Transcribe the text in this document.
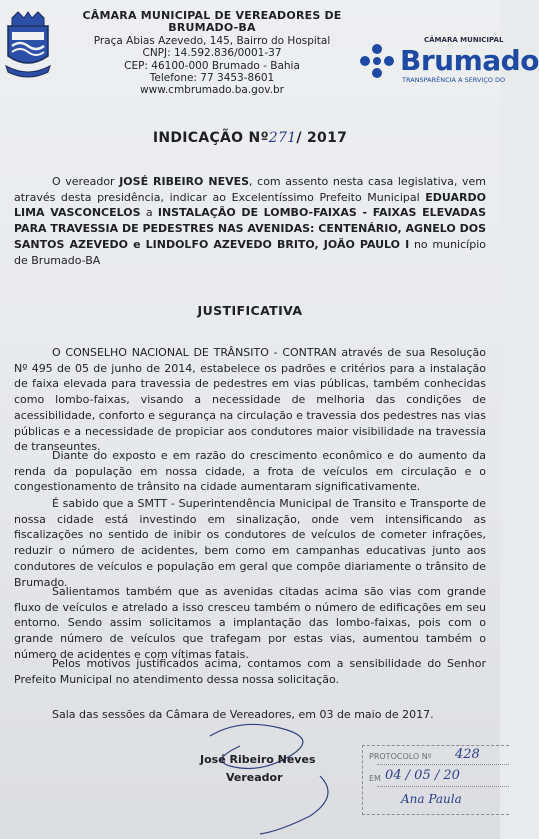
CÂMARA MUNICIPAL DE VEREADORES DE BRUMADO-BA
Praça Abias Azevedo, 145, Bairro do Hospital
CNPJ: 14.592.836/0001-37
CEP: 46100-000 Brumado - Bahia
Telefone: 77 3453-8601
www.cmbrumado.ba.gov.br
CÂMARA MUNICIPAL
Brumado
TRANSPARÊNCIA A SERVIÇO DO
INDICAÇÃO Nº271/ 2017
O vereador JOSÉ RIBEIRO NEVES, com assento nesta casa legislativa, vem através desta presidência, indicar ao Excelentíssimo Prefeito Municipal EDUARDO LIMA VASCONCELOS a INSTALAÇÃO DE LOMBO-FAIXAS - FAIXAS ELEVADAS PARA TRAVESSIA DE PEDESTRES NAS AVENIDAS: CENTENÁRIO, AGNELO DOS SANTOS AZEVEDO e LINDOLFO AZEVEDO BRITO, JOÃO PAULO I no município de Brumado-BA
JUSTIFICATIVA
O CONSELHO NACIONAL DE TRÂNSITO - CONTRAN através de sua Resolução Nº 495 de 05 de junho de 2014, estabelece os padrões e critérios para a instalação de faixa elevada para travessia de pedestres em vias públicas, também conhecidas como lombo-faixas, visando a necessidade de melhoria das condições de acessibilidade, conforto e segurança na circulação e travessia dos pedestres nas vias públicas e a necessidade de propiciar aos condutores maior visibilidade na travessia de transeuntes.
Diante do exposto e em razão do crescimento econômico e do aumento da renda da população em nossa cidade, a frota de veículos em circulação e o congestionamento de trânsito na cidade aumentaram significativamente.
É sabido que a SMTT - Superintendência Municipal de Transito e Transporte de nossa cidade está investindo em sinalização, onde vem intensificando as fiscalizações no sentido de inibir os condutores de veículos de cometer infrações, reduzir o número de acidentes, bem como em campanhas educativas junto aos condutores de veículos e população em geral que compõe diariamente o trânsito de Brumado.
Salientamos também que as avenidas citadas acima são vias com grande fluxo de veículos e atrelado a isso cresceu também o número de edificações em seu entorno. Sendo assim solicitamos a implantação das lombo-faixas, pois com o grande número de veículos que trafegam por estas vias, aumentou também o número de acidentes e com vítimas fatais.
Pelos motivos justificados acima, contamos com a sensibilidade do Senhor Prefeito Municipal no atendimento dessa nossa solicitação.
Sala das sessões da Câmara de Vereadores, em 03 de maio de 2017.
José Ribeiro Neves
Vereador
PROTOCOLO Nº 428
EM 04 / 05 / 20
Ana Paula
